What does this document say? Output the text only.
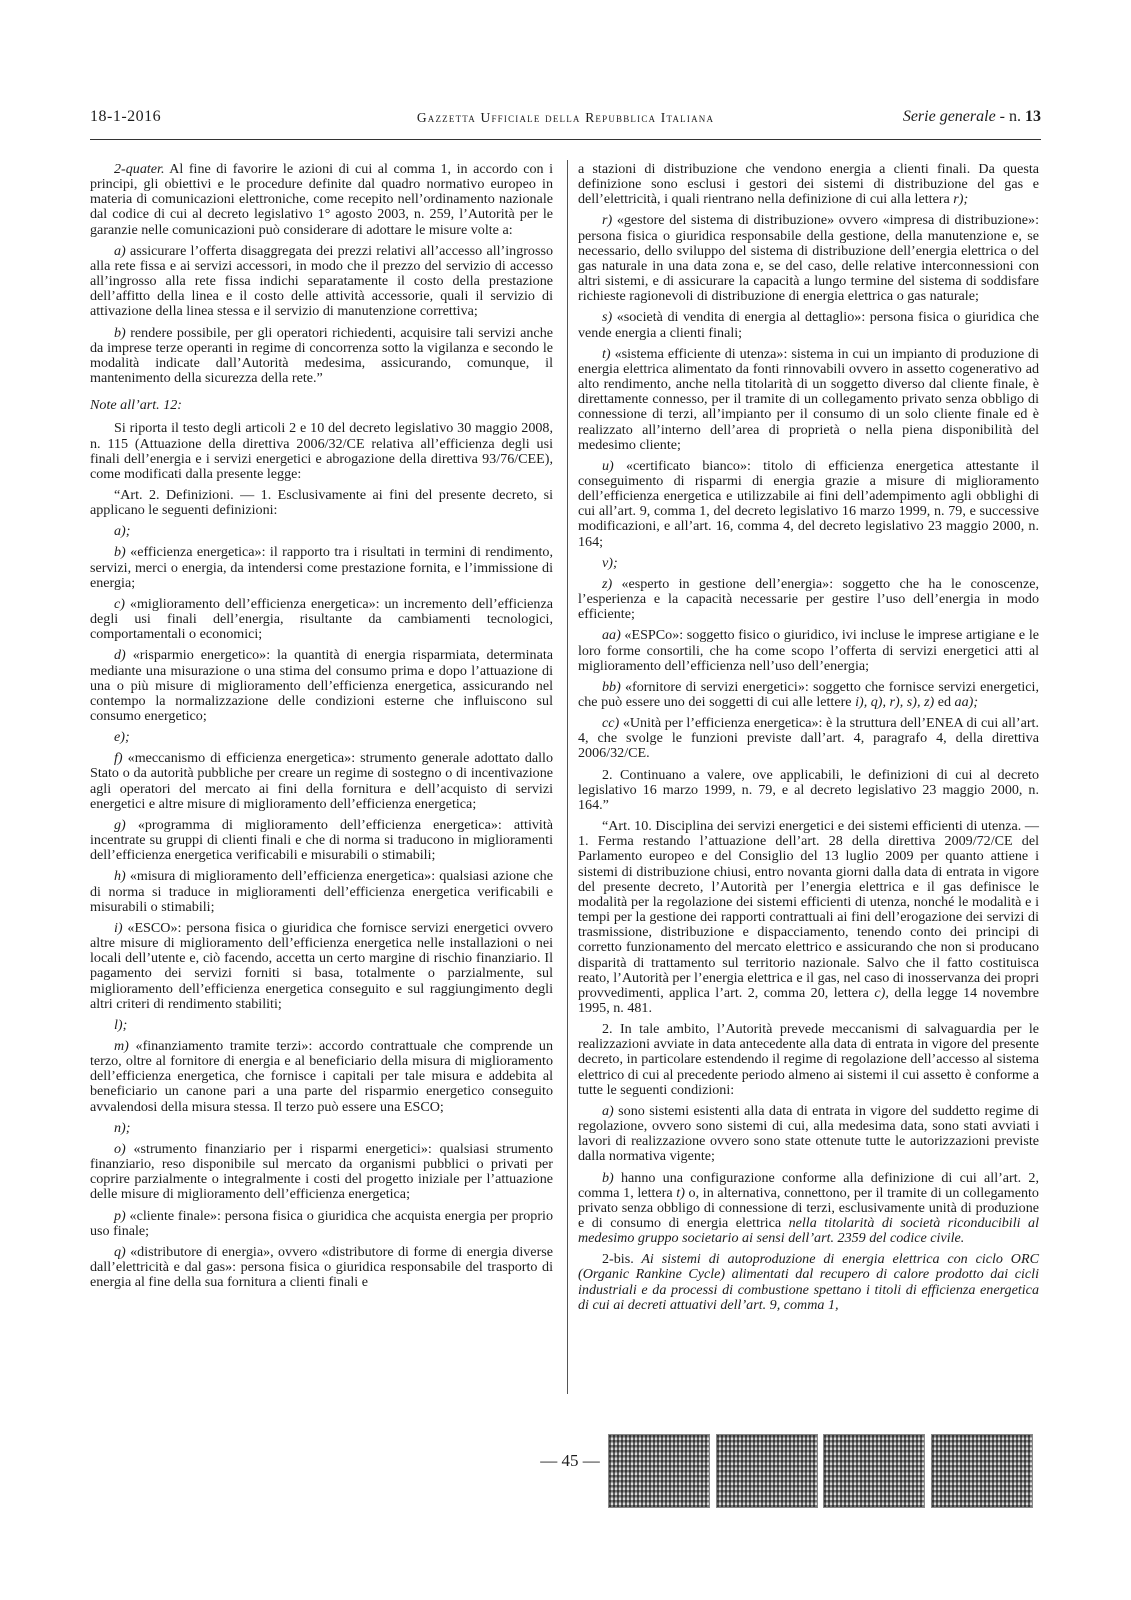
18-1-2016	Gazzetta Ufficiale della Repubblica Italiana	Serie generale - n. 13

2-quater. Al fine di favorire le azioni di cui al comma 1, in accordo con i principi, gli obiettivi e le procedure definite dal quadro normativo europeo in materia di comunicazioni elettroniche, come recepito nell’ordinamento nazionale dal codice di cui al decreto legislativo 1° agosto 2003, n. 259, l’Autorità per le garanzie nelle comunicazioni può considerare di adottare le misure volte a:

a) assicurare l’offerta disaggregata dei prezzi relativi all’accesso all’ingrosso alla rete fissa e ai servizi accessori, in modo che il prezzo del servizio di accesso all’ingrosso alla rete fissa indichi separatamente il costo della prestazione dell’affitto della linea e il costo delle attività accessorie, quali il servizio di attivazione della linea stessa e il servizio di manutenzione correttiva;

b) rendere possibile, per gli operatori richiedenti, acquisire tali servizi anche da imprese terze operanti in regime di concorrenza sotto la vigilanza e secondo le modalità indicate dall’Autorità medesima, assicurando, comunque, il mantenimento della sicurezza della rete.”

Note all’art. 12:

Si riporta il testo degli articoli 2 e 10 del decreto legislativo 30 maggio 2008, n. 115 (Attuazione della direttiva 2006/32/CE relativa all’efficienza degli usi finali dell’energia e i servizi energetici e abrogazione della direttiva 93/76/CEE), come modificati dalla presente legge:

“Art. 2. Definizioni. — 1. Esclusivamente ai fini del presente decreto, si applicano le seguenti definizioni:

a);

b) «efficienza energetica»: il rapporto tra i risultati in termini di rendimento, servizi, merci o energia, da intendersi come prestazione fornita, e l’immissione di energia;

c) «miglioramento dell’efficienza energetica»: un incremento dell’efficienza degli usi finali dell’energia, risultante da cambiamenti tecnologici, comportamentali o economici;

d) «risparmio energetico»: la quantità di energia risparmiata, determinata mediante una misurazione o una stima del consumo prima e dopo l’attuazione di una o più misure di miglioramento dell’efficienza energetica, assicurando nel contempo la normalizzazione delle condizioni esterne che influiscono sul consumo energetico;

e);

f) «meccanismo di efficienza energetica»: strumento generale adottato dallo Stato o da autorità pubbliche per creare un regime di sostegno o di incentivazione agli operatori del mercato ai fini della fornitura e dell’acquisto di servizi energetici e altre misure di miglioramento dell’efficienza energetica;

g) «programma di miglioramento dell’efficienza energetica»: attività incentrate su gruppi di clienti finali e che di norma si traducono in miglioramenti dell’efficienza energetica verificabili e misurabili o stimabili;

h) «misura di miglioramento dell’efficienza energetica»: qualsiasi azione che di norma si traduce in miglioramenti dell’efficienza energetica verificabili e misurabili o stimabili;

i) «ESCO»: persona fisica o giuridica che fornisce servizi energetici ovvero altre misure di miglioramento dell’efficienza energetica nelle installazioni o nei locali dell’utente e, ciò facendo, accetta un certo margine di rischio finanziario. Il pagamento dei servizi forniti si basa, totalmente o parzialmente, sul miglioramento dell’efficienza energetica conseguito e sul raggiungimento degli altri criteri di rendimento stabiliti;

l);

m) «finanziamento tramite terzi»: accordo contrattuale che comprende un terzo, oltre al fornitore di energia e al beneficiario della misura di miglioramento dell’efficienza energetica, che fornisce i capitali per tale misura e addebita al beneficiario un canone pari a una parte del risparmio energetico conseguito avvalendosi della misura stessa. Il terzo può essere una ESCO;

n);

o) «strumento finanziario per i risparmi energetici»: qualsiasi strumento finanziario, reso disponibile sul mercato da organismi pubblici o privati per coprire parzialmente o integralmente i costi del progetto iniziale per l’attuazione delle misure di miglioramento dell’efficienza energetica;

p) «cliente finale»: persona fisica o giuridica che acquista energia per proprio uso finale;

q) «distributore di energia», ovvero «distributore di forme di energia diverse dall’elettricità e dal gas»: persona fisica o giuridica responsabile del trasporto di energia al fine della sua fornitura a clienti finali e

a stazioni di distribuzione che vendono energia a clienti finali. Da questa definizione sono esclusi i gestori dei sistemi di distribuzione del gas e dell’elettricità, i quali rientrano nella definizione di cui alla lettera r);

r) «gestore del sistema di distribuzione» ovvero «impresa di distribuzione»: persona fisica o giuridica responsabile della gestione, della manutenzione e, se necessario, dello sviluppo del sistema di distribuzione dell’energia elettrica o del gas naturale in una data zona e, se del caso, delle relative interconnessioni con altri sistemi, e di assicurare la capacità a lungo termine del sistema di soddisfare richieste ragionevoli di distribuzione di energia elettrica o gas naturale;

s) «società di vendita di energia al dettaglio»: persona fisica o giuridica che vende energia a clienti finali;

t) «sistema efficiente di utenza»: sistema in cui un impianto di produzione di energia elettrica alimentato da fonti rinnovabili ovvero in assetto cogenerativo ad alto rendimento, anche nella titolarità di un soggetto diverso dal cliente finale, è direttamente connesso, per il tramite di un collegamento privato senza obbligo di connessione di terzi, all’impianto per il consumo di un solo cliente finale ed è realizzato all’interno dell’area di proprietà o nella piena disponibilità del medesimo cliente;

u) «certificato bianco»: titolo di efficienza energetica attestante il conseguimento di risparmi di energia grazie a misure di miglioramento dell’efficienza energetica e utilizzabile ai fini dell’adempimento agli obblighi di cui all’art. 9, comma 1, del decreto legislativo 16 marzo 1999, n. 79, e successive modificazioni, e all’art. 16, comma 4, del decreto legislativo 23 maggio 2000, n. 164;

v);

z) «esperto in gestione dell’energia»: soggetto che ha le conoscenze, l’esperienza e la capacità necessarie per gestire l’uso dell’energia in modo efficiente;

aa) «ESPCo»: soggetto fisico o giuridico, ivi incluse le imprese artigiane e le loro forme consortili, che ha come scopo l’offerta di servizi energetici atti al miglioramento dell’efficienza nell’uso dell’energia;

bb) «fornitore di servizi energetici»: soggetto che fornisce servizi energetici, che può essere uno dei soggetti di cui alle lettere i), q), r), s), z) ed aa);

cc) «Unità per l’efficienza energetica»: è la struttura dell’ENEA di cui all’art. 4, che svolge le funzioni previste dall’art. 4, paragrafo 4, della direttiva 2006/32/CE.

2. Continuano a valere, ove applicabili, le definizioni di cui al decreto legislativo 16 marzo 1999, n. 79, e al decreto legislativo 23 maggio 2000, n. 164.”

“Art. 10. Disciplina dei servizi energetici e dei sistemi efficienti di utenza. — 1. Ferma restando l’attuazione dell’art. 28 della direttiva 2009/72/CE del Parlamento europeo e del Consiglio del 13 luglio 2009 per quanto attiene i sistemi di distribuzione chiusi, entro novanta giorni dalla data di entrata in vigore del presente decreto, l’Autorità per l’energia elettrica e il gas definisce le modalità per la regolazione dei sistemi efficienti di utenza, nonché le modalità e i tempi per la gestione dei rapporti contrattuali ai fini dell’erogazione dei servizi di trasmissione, distribuzione e dispacciamento, tenendo conto dei principi di corretto funzionamento del mercato elettrico e assicurando che non si producano disparità di trattamento sul territorio nazionale. Salvo che il fatto costituisca reato, l’Autorità per l’energia elettrica e il gas, nel caso di inosservanza dei propri provvedimenti, applica l’art. 2, comma 20, lettera c), della legge 14 novembre 1995, n. 481.

2. In tale ambito, l’Autorità prevede meccanismi di salvaguardia per le realizzazioni avviate in data antecedente alla data di entrata in vigore del presente decreto, in particolare estendendo il regime di regolazione dell’accesso al sistema elettrico di cui al precedente periodo almeno ai sistemi il cui assetto è conforme a tutte le seguenti condizioni:

a) sono sistemi esistenti alla data di entrata in vigore del suddetto regime di regolazione, ovvero sono sistemi di cui, alla medesima data, sono stati avviati i lavori di realizzazione ovvero sono state ottenute tutte le autorizzazioni previste dalla normativa vigente;

b) hanno una configurazione conforme alla definizione di cui all’art. 2, comma 1, lettera t) o, in alternativa, connettono, per il tramite di un collegamento privato senza obbligo di connessione di terzi, esclusivamente unità di produzione e di consumo di energia elettrica nella titolarità di società riconducibili al medesimo gruppo societario ai sensi dell’art. 2359 del codice civile.

2-bis. Ai sistemi di autoproduzione di energia elettrica con ciclo ORC (Organic Rankine Cycle) alimentati dal recupero di calore prodotto dai cicli industriali e da processi di combustione spettano i titoli di efficienza energetica di cui ai decreti attuativi dell’art. 9, comma 1,

— 45 —
